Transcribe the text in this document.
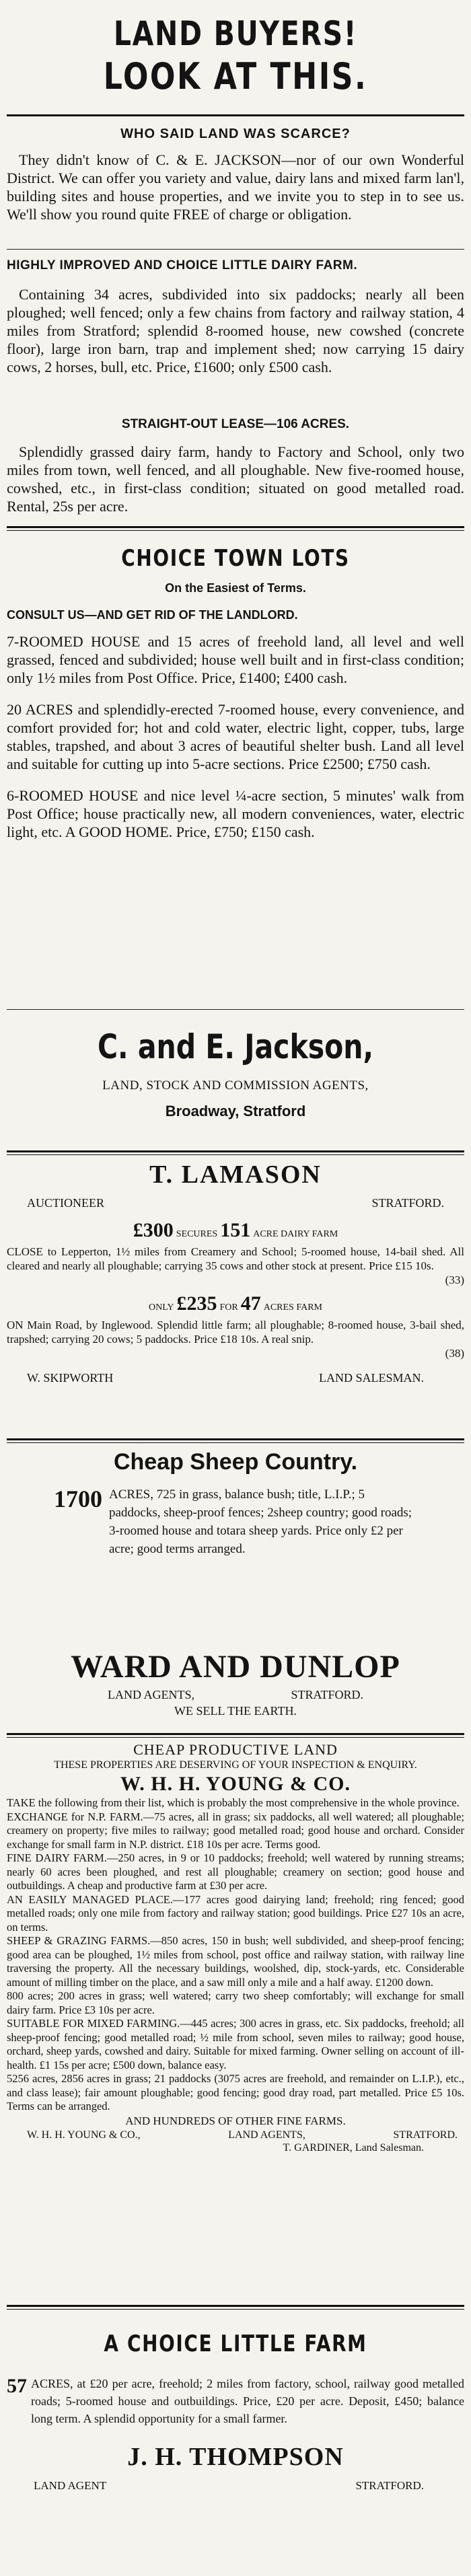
LAND BUYERS!
LOOK AT THIS.
WHO SAID LAND WAS SCARCE?

They didn't know of C. & E. JACKSON—nor of our own Wonderful District. We can offer you variety and value, dairy lans and mixed farm lan'l, building sites and house properties, and we invite you to step in to see us. We'll show you round quite FREE of charge or obligation.

HIGHLY IMPROVED AND CHOICE LITTLE DAIRY FARM.

Containing 34 acres, subdivided into six paddocks; nearly all been ploughed; well fenced; only a few chains from factory and railway station, 4 miles from Stratford; splendid 8-roomed house, new cowshed (concrete floor), large iron barn, trap and implement shed; now carrying 15 dairy cows, 2 horses, bull, etc. Price, £1600; only £500 cash.

STRAIGHT-OUT LEASE—106 ACRES.

Splendidly grassed dairy farm, handy to Factory and School, only two miles from town, well fenced, and all ploughable. New five-roomed house, cowshed, etc., in first-class condition; situated on good metalled road. Rental, 25s per acre.

CHOICE TOWN LOTS
On the Easiest of Terms.
CONSULT US—AND GET RID OF THE LANDLORD.

7-ROOMED HOUSE and 15 acres of freehold land, all level and well grassed, fenced and subdivided; house well built and in first-class condition; only 1½ miles from Post Office. Price, £1400; £400 cash.

20 ACRES and splendidly-erected 7-roomed house, every convenience, and comfort provided for; hot and cold water, electric light, copper, tubs, large stables, trapshed, and about 3 acres of beautiful shelter bush. Land all level and suitable for cutting up into 5-acre sections. Price £2500; £750 cash.

6-ROOMED HOUSE and nice level ¼-acre section, 5 minutes' walk from Post Office; house practically new, all modern conveniences, water, electric light, etc. A GOOD HOME. Price, £750; £150 cash.

C. and E. Jackson,
LAND, STOCK AND COMMISSION AGENTS,
Broadway, Stratford
T. LAMASON
AUCTIONEER	STRATFORD.
£300 SECURES 151 ACRE DAIRY FARM

CLOSE to Lepperton, 1½ miles from Creamery and School; 5-roomed house, 14-bail shed. All cleared and nearly all ploughable; carrying 35 cows and other stock at present. Price £15 10s.

(33)
ONLY £235 FOR 47 ACRES FARM

ON Main Road, by Inglewood. Splendid little farm; all ploughable; 8-roomed house, 3-bail shed, trapshed; carrying 20 cows; 5 paddocks. Price £18 10s. A real snip.

(38)
W. SKIPWORTH	LAND SALESMAN.
Cheap Sheep Country.
1700 ACRES, 725 in grass, balance bush; title, L.I.P.; 5 paddocks, sheep-proof fences; 2sheep country; good roads; 3-roomed house and totara sheep yards. Price only £2 per acre; good terms arranged.
WARD AND DUNLOP
LAND AGENTS,	STRATFORD.
WE SELL THE EARTH.
CHEAP PRODUCTIVE LAND
THESE PROPERTIES ARE DESERVING OF YOUR INSPECTION & ENQUIRY.
W. H. H. YOUNG & CO.

TAKE the following from their list, which is probably the most comprehensive in the whole province.

EXCHANGE for N.P. FARM.—75 acres, all in grass; six paddocks, all well watered; all ploughable; creamery on property; five miles to railway; good metalled road; good house and orchard. Consider exchange for small farm in N.P. district. £18 10s per acre. Terms good.

FINE DAIRY FARM.—250 acres, in 9 or 10 paddocks; freehold; well watered by running streams; nearly 60 acres been ploughed, and rest all ploughable; creamery on section; good house and outbuildings. A cheap and productive farm at £30 per acre.

AN EASILY MANAGED PLACE.—177 acres good dairying land; freehold; ring fenced; good metalled roads; only one mile from factory and railway station; good buildings. Price £27 10s an acre, on terms.

SHEEP & GRAZING FARMS.—850 acres, 150 in bush; well subdivided, and sheep-proof fencing; good area can be ploughed, 1½ miles from school, post office and railway station, with railway line traversing the property. All the necessary buildings, woolshed, dip, stock-yards, etc. Considerable amount of milling timber on the place, and a saw mill only a mile and a half away. £1200 down.

800 acres; 200 acres in grass; well watered; carry two sheep comfortably; will exchange for small dairy farm. Price £3 10s per acre.

SUITABLE FOR MIXED FARMING.—445 acres; 300 acres in grass, etc. Six paddocks, freehold; all sheep-proof fencing; good metalled road; ½ mile from school, seven miles to railway; good house, orchard, sheep yards, cowshed and dairy. Suitable for mixed farming. Owner selling on account of ill-health. £1 15s per acre; £500 down, balance easy.

5256 acres, 2856 acres in grass; 21 paddocks (3075 acres are freehold, and remainder on L.I.P.), etc., and class lease); fair amount ploughable; good fencing; good dray road, part metalled. Price £5 10s. Terms can be arranged.

AND HUNDREDS OF OTHER FINE FARMS.
W. H. H. YOUNG & CO.,	LAND AGENTS,	STRATFORD.
T. GARDINER, Land Salesman.
A CHOICE LITTLE FARM
57 ACRES, at £20 per acre, freehold; 2 miles from factory, school, railway good metalled roads; 5-roomed house and outbuildings. Price, £20 per acre. Deposit, £450; balance long term. A splendid opportunity for a small farmer.
J. H. THOMPSON
LAND AGENT	STRATFORD.
